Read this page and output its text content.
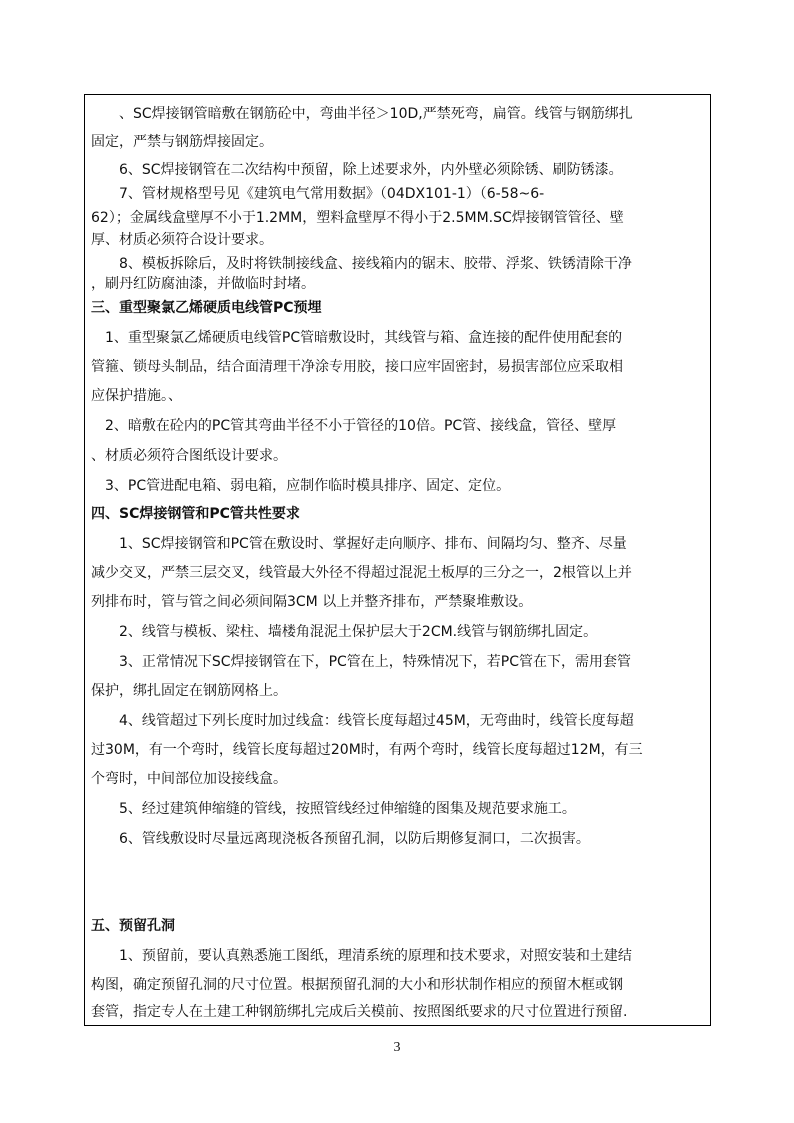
　　、SC焊接钢管暗敷在钢筋砼中，弯曲半径＞10D,严禁死弯，扁管。线管与钢筋绑扎

固定，严禁与钢筋焊接固定。

　　6、SC焊接钢管在二次结构中预留，除上述要求外，内外壁必须除锈、刷防锈漆。

　　7、管材规格型号见《建筑电气常用数据》（04DX101-1）（6-58~6-

62）；金属线盒壁厚不小于1.2MM，塑料盒壁厚不得小于2.5MM.SC焊接钢管管径、壁

厚、材质必须符合设计要求。

　　8、模板拆除后，及时将铁制接线盒、接线箱内的锯末、胶带、浮浆、铁锈清除干净

，刷丹红防腐油漆，并做临时封堵。

三、重型聚氯乙烯硬质电线管PC预埋

　1、重型聚氯乙烯硬质电线管PC管暗敷设时，其线管与箱、盒连接的配件使用配套的

管箍、锁母头制品，结合面清理干净涂专用胶，接口应牢固密封，易损害部位应采取相

应保护措施。、

　2、暗敷在砼内的PC管其弯曲半径不小于管径的10倍。PC管、接线盒，管径、壁厚

、材质必须符合图纸设计要求。

　3、PC管进配电箱、弱电箱，应制作临时模具排序、固定、定位。

四、SC焊接钢管和PC管共性要求

　　1、SC焊接钢管和PC管在敷设时、掌握好走向顺序、排布、间隔均匀、整齐、尽量

减少交叉，严禁三层交叉，线管最大外径不得超过混泥土板厚的三分之一，2根管以上并

列排布时，管与管之间必须间隔3CM 以上并整齐排布，严禁聚堆敷设。

　　2、线管与模板、梁柱、墙楼角混泥土保护层大于2CM.线管与钢筋绑扎固定。

　　3、正常情况下SC焊接钢管在下，PC管在上，特殊情况下，若PC管在下，需用套管

保护，绑扎固定在钢筋网格上。

　　4、线管超过下列长度时加过线盒：线管长度每超过45M，无弯曲时，线管长度每超

过30M，有一个弯时，线管长度每超过20M时，有两个弯时，线管长度每超过12M，有三

个弯时，中间部位加设接线盒。

　　5、经过建筑伸缩缝的管线，按照管线经过伸缩缝的图集及规范要求施工。

　　6、管线敷设时尽量远离现浇板各预留孔洞，以防后期修复洞口，二次损害。

五、预留孔洞

　　1、预留前，要认真熟悉施工图纸，理清系统的原理和技术要求，对照安装和土建结

构图，确定预留孔洞的尺寸位置。根据预留孔洞的大小和形状制作相应的预留木框或钢

套管，指定专人在土建工种钢筋绑扎完成后关模前、按照图纸要求的尺寸位置进行预留.

3
